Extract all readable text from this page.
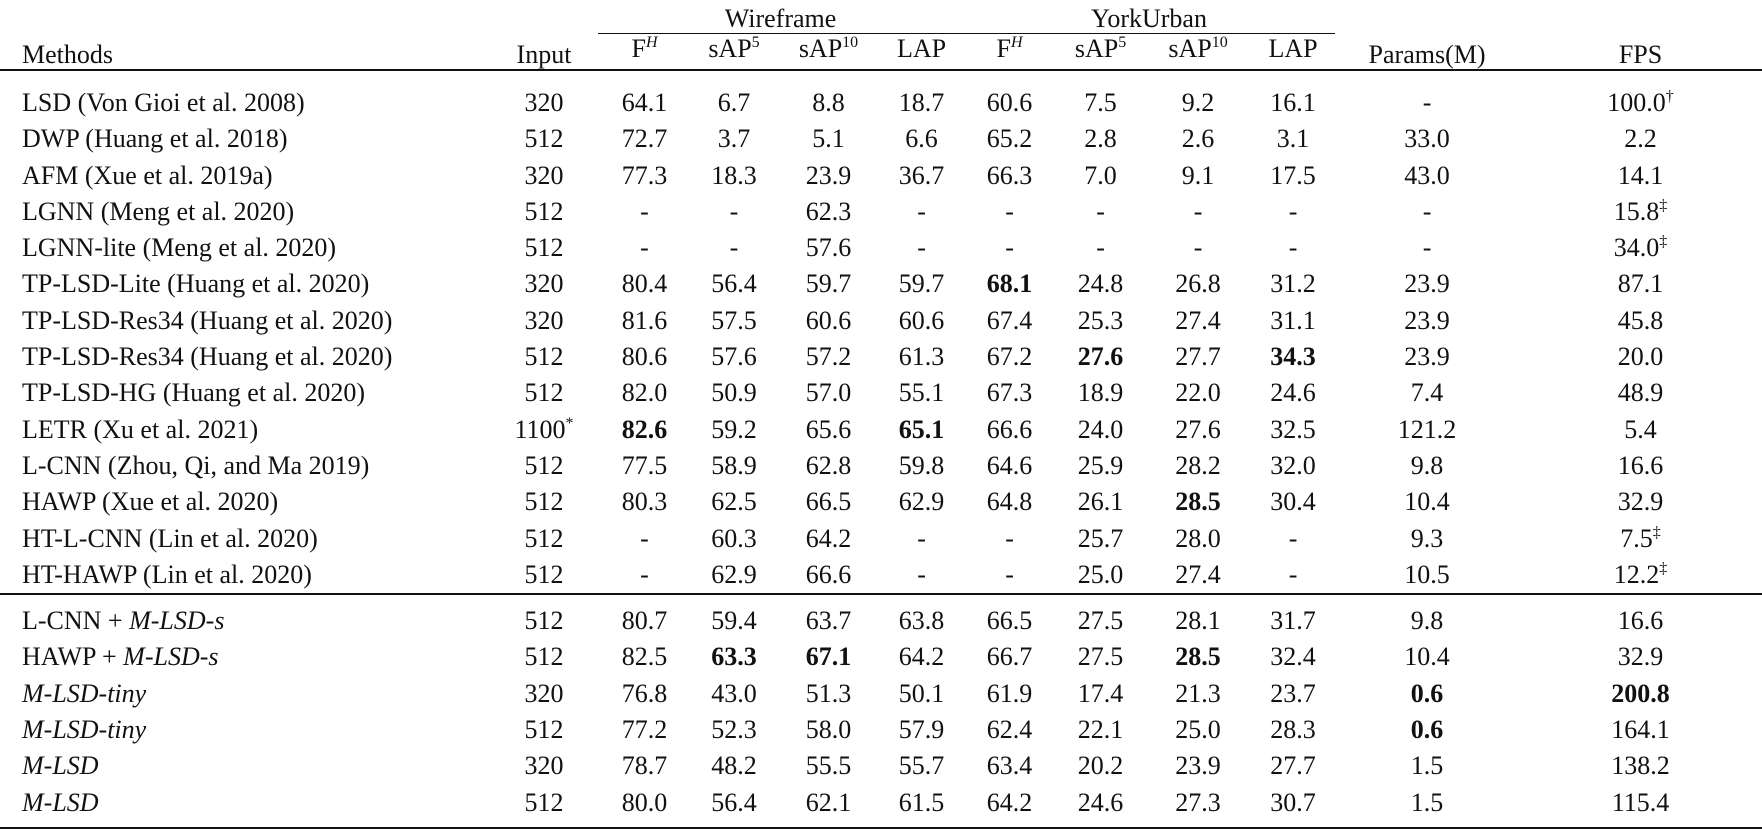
Methods	Input	Wireframe				YorkUrban				Params(M)	FPS
		$F^H$	sAP$^5$	sAP$^{10}$	LAP	$F^H$	sAP$^5$	sAP$^{10}$	LAP		
LSD (Von Gioi et al. 2008)	320	64.1	6.7	8.8	18.7	60.6	7.5	9.2	16.1	-	100.0†
DWP (Huang et al. 2018)	512	72.7	3.7	5.1	6.6	65.2	2.8	2.6	3.1	33.0	2.2
AFM (Xue et al. 2019a)	320	77.3	18.3	23.9	36.7	66.3	7.0	9.1	17.5	43.0	14.1
LGNN (Meng et al. 2020)	512	-	-	62.3	-	-	-	-	-	-	15.8‡
LGNN-lite (Meng et al. 2020)	512	-	-	57.6	-	-	-	-	-	-	34.0‡
TP-LSD-Lite (Huang et al. 2020)	320	80.4	56.4	59.7	59.7	68.1	24.8	26.8	31.2	23.9	87.1
TP-LSD-Res34 (Huang et al. 2020)	320	81.6	57.5	60.6	60.6	67.4	25.3	27.4	31.1	23.9	45.8
TP-LSD-Res34 (Huang et al. 2020)	512	80.6	57.6	57.2	61.3	67.2	27.6	27.7	34.3	23.9	20.0
TP-LSD-HG (Huang et al. 2020)	512	82.0	50.9	57.0	55.1	67.3	18.9	22.0	24.6	7.4	48.9
LETR (Xu et al. 2021)	1100*	82.6	59.2	65.6	65.1	66.6	24.0	27.6	32.5	121.2	5.4
L-CNN (Zhou, Qi, and Ma 2019)	512	77.5	58.9	62.8	59.8	64.6	25.9	28.2	32.0	9.8	16.6
HAWP (Xue et al. 2020)	512	80.3	62.5	66.5	62.9	64.8	26.1	28.5	30.4	10.4	32.9
HT-L-CNN (Lin et al. 2020)	512	-	60.3	64.2	-	-	25.7	28.0	-	9.3	7.5‡
HT-HAWP (Lin et al. 2020)	512	-	62.9	66.6	-	-	25.0	27.4	-	10.5	12.2‡
L-CNN + M-LSD-s	512	80.7	59.4	63.7	63.8	66.5	27.5	28.1	31.7	9.8	16.6
HAWP + M-LSD-s	512	82.5	63.3	67.1	64.2	66.7	27.5	28.5	32.4	10.4	32.9
M-LSD-tiny	320	76.8	43.0	51.3	50.1	61.9	17.4	21.3	23.7	0.6	200.8
M-LSD-tiny	512	77.2	52.3	58.0	57.9	62.4	22.1	25.0	28.3	0.6	164.1
M-LSD	320	78.7	48.2	55.5	55.7	63.4	20.2	23.9	27.7	1.5	138.2
M-LSD	512	80.0	56.4	62.1	61.5	64.2	24.6	27.3	30.7	1.5	115.4
